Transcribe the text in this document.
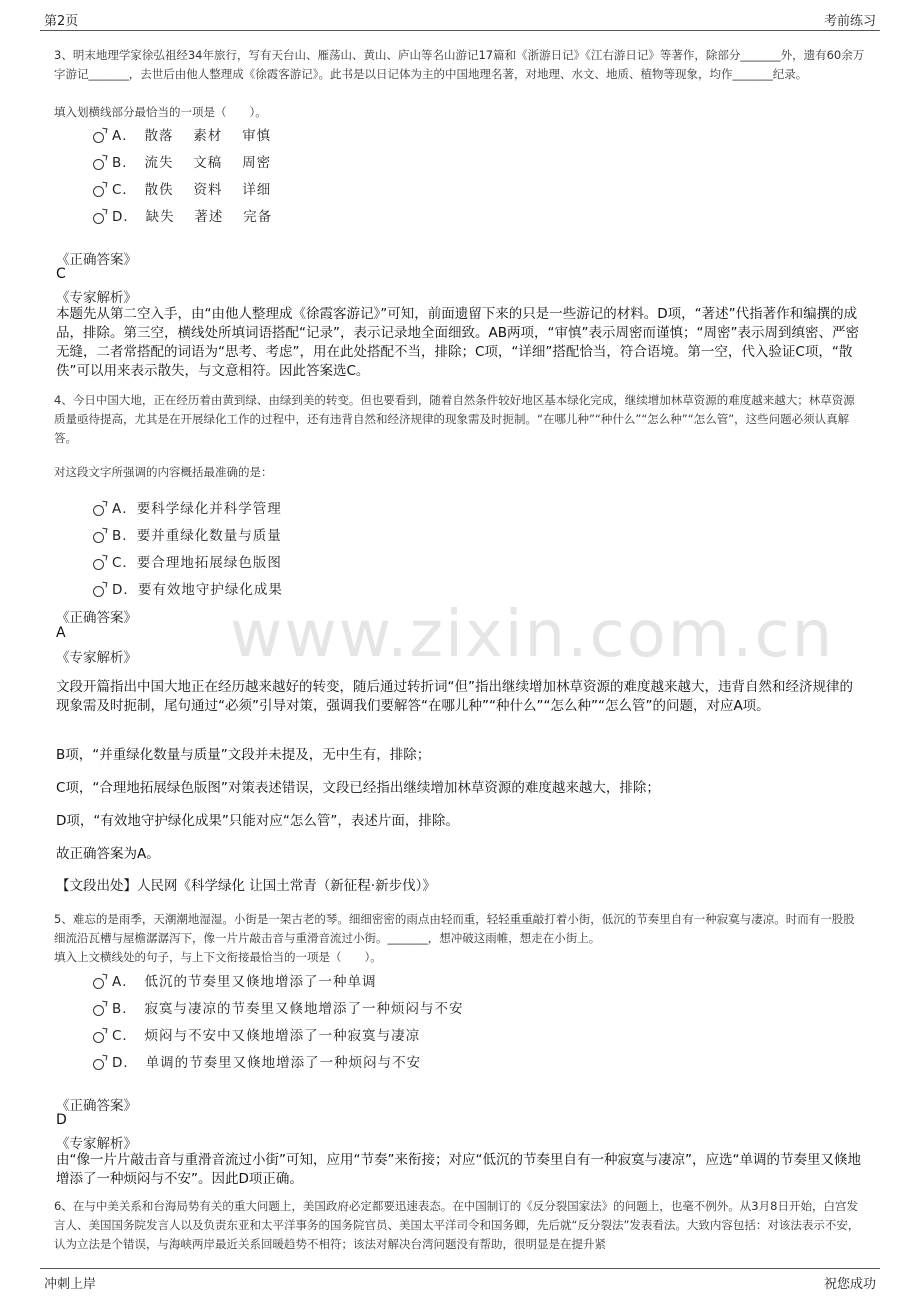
第2页	考前练习
www.zixin.com.cn
3、明末地理学家徐弘祖经34年旅行，写有天台山、雁荡山、黄山、庐山等名山游记17篇和《浙游日记》《江右游日记》等著作，除部分_______外，遗有60余万字游记_______，去世后由他人整理成《徐霞客游记》。此书是以日记体为主的中国地理名著，对地理、水文、地质、植物等现象，均作_______纪录。
填入划横线部分最恰当的一项是（　　）。
A．　散落　 素材　 审慎
B．　流失　 文稿　 周密
C．　散佚　 资料　 详细
D．　缺失　 著述　 完备
《正确答案》
C
《专家解析》
本题先从第二空入手，由“由他人整理成《徐霞客游记》”可知，前面遗留下来的只是一些游记的材料。D项，“著述”代指著作和编撰的成品，排除。第三空，横线处所填词语搭配“记录”，表示记录地全面细致。AB两项，“审慎”表示周密而谨慎；“周密”表示周到缜密、严密无缝，二者常搭配的词语为“思考、考虑”，用在此处搭配不当，排除；C项，“详细”搭配恰当，符合语境。第一空，代入验证C项，“散佚”可以用来表示散失，与文意相符。因此答案选C。
4、今日中国大地，正在经历着由黄到绿、由绿到美的转变。但也要看到，随着自然条件较好地区基本绿化完成，继续增加林草资源的难度越来越大；林草资源质量亟待提高，尤其是在开展绿化工作的过程中，还有违背自然和经济规律的现象需及时扼制。“在哪儿种”“种什么”“怎么种”“怎么管”，这些问题必须认真解答。
对这段文字所强调的内容概括最准确的是：
A．要科学绿化并科学管理
B．要并重绿化数量与质量
C．要合理地拓展绿色版图
D．要有效地守护绿化成果
《正确答案》
A
《专家解析》
文段开篇指出中国大地正在经历越来越好的转变，随后通过转折词“但”指出继续增加林草资源的难度越来越大，违背自然和经济规律的现象需及时扼制，尾句通过“必须”引导对策，强调我们要解答“在哪儿种”“种什么”“怎么种”“怎么管”的问题，对应A项。
B项，“并重绿化数量与质量”文段并未提及，无中生有，排除；
C项，“合理地拓展绿色版图”对策表述错误，文段已经指出继续增加林草资源的难度越来越大，排除；
D项，“有效地守护绿化成果”只能对应“怎么管”，表述片面，排除。
故正确答案为A。
【文段出处】人民网《科学绿化 让国土常青（新征程·新步伐）》
5、难忘的是雨季，天潮潮地湿湿。小街是一架古老的琴。细细密密的雨点由轻而重，轻轻重重敲打着小街，低沉的节奏里自有一种寂寞与凄凉。时而有一股股细流沿瓦槽与屋檐潺潺泻下，像一片片敲击音与重滑音流过小街。_______，想冲破这雨帷，想走在小街上。
填入上文横线处的句子，与上下文衔接最恰当的一项是（　　）。
A．　低沉的节奏里又倏地增添了一种单调
B．　寂寞与凄凉的节奏里又倏地增添了一种烦闷与不安
C．　烦闷与不安中又倏地增添了一种寂寞与凄凉
D．　单调的节奏里又倏地增添了一种烦闷与不安
《正确答案》
D
《专家解析》
由“像一片片敲击音与重滑音流过小街”可知，应用“节奏”来衔接；对应“低沉的节奏里自有一种寂寞与凄凉”，应选“单调的节奏里又倏地增添了一种烦闷与不安”。因此D项正确。
6、在与中美关系和台海局势有关的重大问题上，美国政府必定都要迅速表态。在中国制订的《反分裂国家法》的问题上，也毫不例外。从3月8日开始，白宫发言人、美国国务院发言人以及负责东亚和太平洋事务的国务院官员、美国太平洋司令和国务卿，先后就“反分裂法”发表看法。大致内容包括：对该法表示不安，认为立法是个错误，与海峡两岸最近关系回暖趋势不相符；该法对解决台湾问题没有帮助，很明显是在提升紧
冲刺上岸	祝您成功
